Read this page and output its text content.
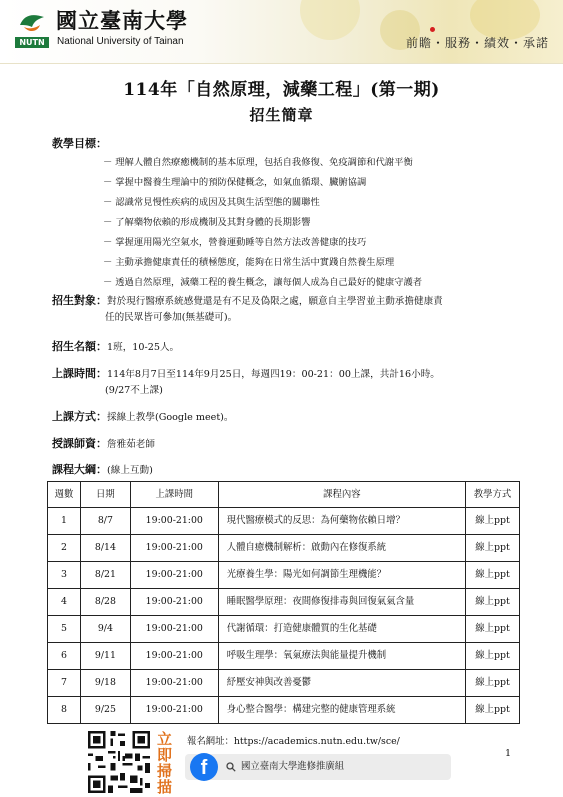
NUTN
國立臺南大學
National University of Tainan	前瞻・服務・績效・承諾
114年「自然原理，減藥工程」(第一期)
招生簡章
教學目標：
－ 理解人體自然療癒機制的基本原理，包括自我修復、免疫調節和代謝平衡
－ 掌握中醫養生理論中的預防保健概念，如氣血循環、臟腑協調
－ 認識常見慢性疾病的成因及其與生活型態的關聯性
－ 了解藥物依賴的形成機制及其對身體的長期影響
－ 掌握運用陽光空氣水，營養運動睡等自然方法改善健康的技巧
－ 主動承擔健康責任的積極態度，能夠在日常生活中實踐自然養生原理
－ 透過自然原理，減藥工程的養生概念，讓每個人成為自己最好的健康守護者
招生對象：對於現行醫療系統感覺還是有不足及偽限之處，願意自主學習並主動承擔健康責
任的民眾皆可參加(無基礎可)。
招生名額：1班，10-25人。
上課時間：114年8月7日至114年9月25日，每週四19：00-21：00上課，共計16小時。
(9/27不上課)
上課方式：採線上教學(Google meet)。
授課師資：詹雅茹老師
課程大綱：(線上互動)
週數	日期	上課時間	課程內容	教學方式
1	8/7	19:00-21:00	現代醫療模式的反思：為何藥物依賴日增？	線上ppt
2	8/14	19:00-21:00	人體自癒機制解析：啟動內在修復系統	線上ppt
3	8/21	19:00-21:00	光療養生學：陽光如何調節生理機能？	線上ppt
4	8/28	19:00-21:00	睡眠醫學原理：夜間修復排毒與回復氣氣含量	線上ppt
5	9/4	19:00-21:00	代謝循環：打造健康體質的生化基礎	線上ppt
6	9/11	19:00-21:00	呼吸生理學：氧氣療法與能量提升機制	線上ppt
7	9/18	19:00-21:00	紓壓安神與改善憂鬱	線上ppt
8	9/25	19:00-21:00	身心整合醫學：構建完整的健康管理系統	線上ppt
立
即
掃
描
報名網址：https://academics.nutn.edu.tw/sce/
f	國立臺南大學進修推廣組
1
